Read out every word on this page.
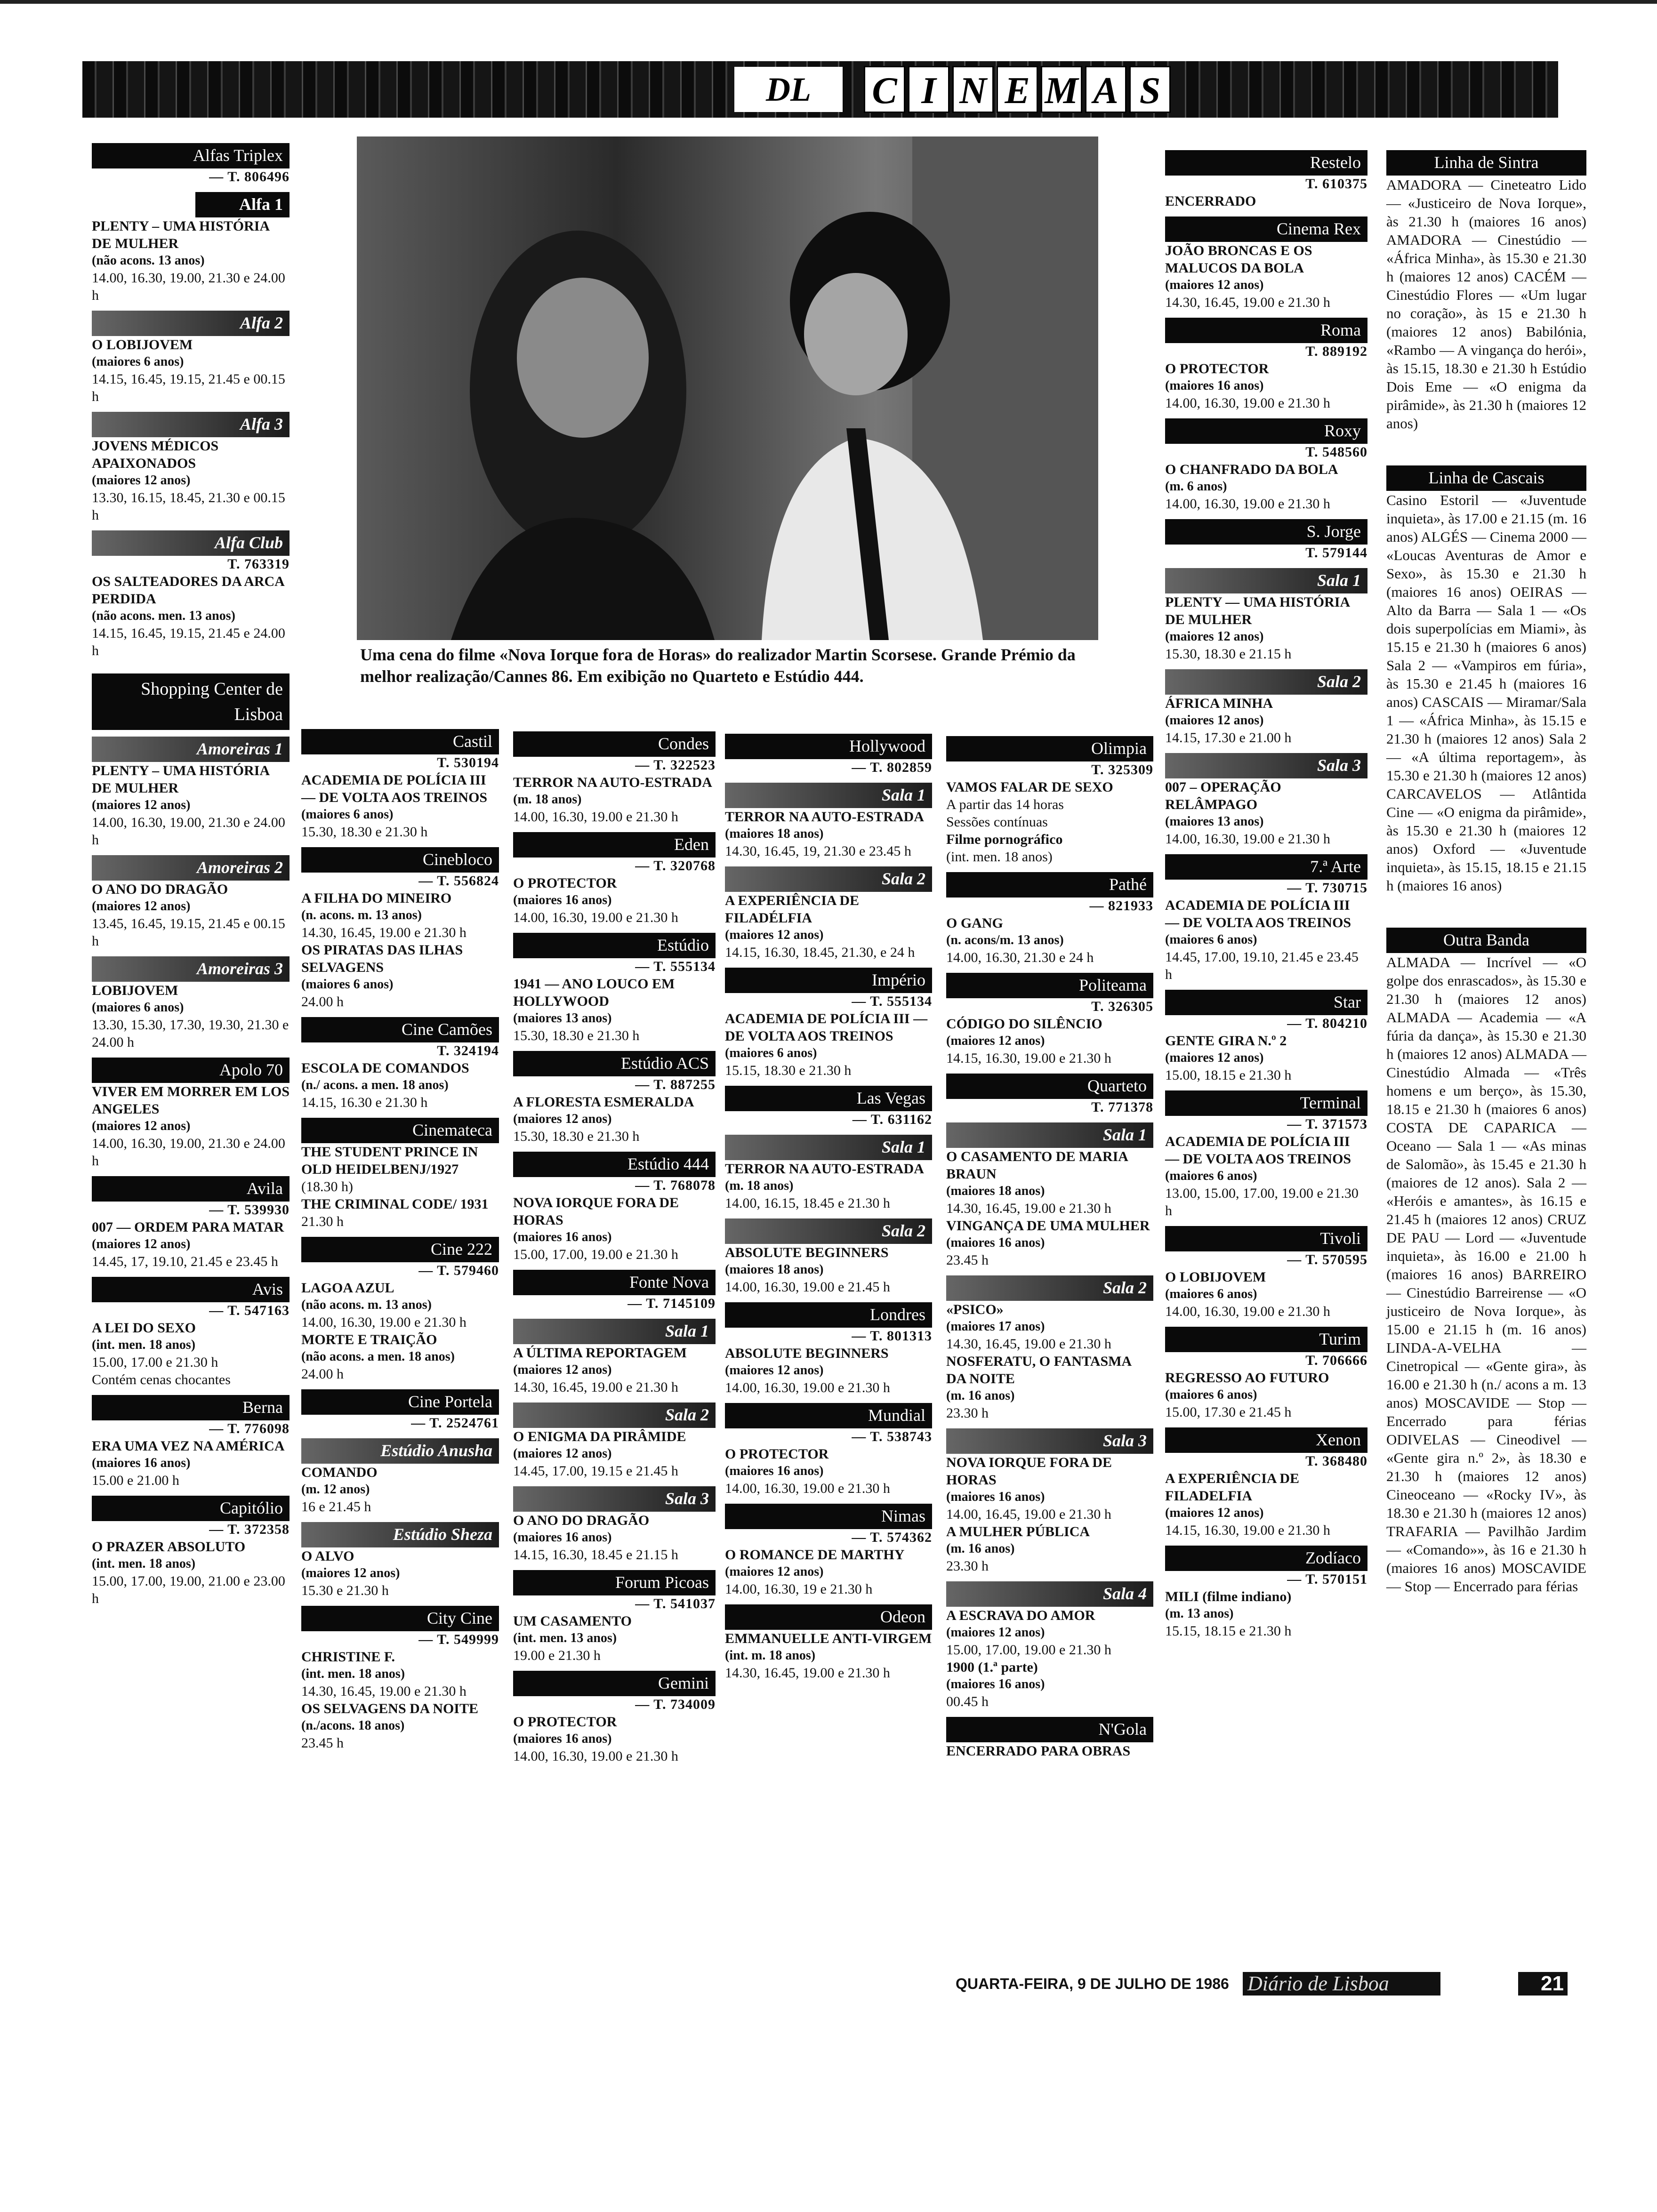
DL	C I N E M A S
Alfas Triplex
— T. 806496
Alfa 1
PLENTY – UMA HISTÓRIA DE MULHER
(não acons. 13 anos)
14.00, 16.30, 19.00, 21.30 e 24.00 h
Alfa 2
O LOBIJOVEM
(maiores 6 anos)
14.15, 16.45, 19.15, 21.45 e 00.15 h
Alfa 3
JOVENS MÉDICOS APAIXONADOS
(maiores 12 anos)
13.30, 16.15, 18.45, 21.30 e 00.15 h
Alfa Club
T. 763319
OS SALTEADORES DA ARCA PERDIDA
(não acons. men. 13 anos)
14.15, 16.45, 19.15, 21.45 e 24.00 h
Shopping Center de Lisboa
Amoreiras 1
PLENTY – UMA HISTÓRIA DE MULHER
(maiores 12 anos)
14.00, 16.30, 19.00, 21.30 e 24.00 h
Amoreiras 2
O ANO DO DRAGÃO
(maiores 12 anos)
13.45, 16.45, 19.15, 21.45 e 00.15 h
Amoreiras 3
LOBIJOVEM
(maiores 6 anos)
13.30, 15.30, 17.30, 19.30, 21.30 e 24.00 h
Apolo 70
VIVER EM MORRER EM LOS ANGELES
(maiores 12 anos)
14.00, 16.30, 19.00, 21.30 e 24.00 h
Avila
— T. 539930
007 — ORDEM PARA MATAR
(maiores 12 anos)
14.45, 17, 19.10, 21.45 e 23.45 h
Avis
— T. 547163
A LEI DO SEXO
(int. men. 18 anos)
15.00, 17.00 e 21.30 h
Contém cenas chocantes
Berna
— T. 776098
ERA UMA VEZ NA AMÉRICA
(maiores 16 anos)
15.00 e 21.00 h
Capitólio
— T. 372358
O PRAZER ABSOLUTO
(int. men. 18 anos)
15.00, 17.00, 19.00, 21.00 e 23.00 h
Uma cena do filme «Nova Iorque fora de Horas» do realizador Martin Scorsese. Grande Prémio da melhor realização/Cannes 86. Em exibição no Quarteto e Estúdio 444.
Castil
T. 530194
ACADEMIA DE POLÍCIA III — DE VOLTA AOS TREINOS
(maiores 6 anos)
15.30, 18.30 e 21.30 h
Cinebloco
— T. 556824
A FILHA DO MINEIRO
(n. acons. m. 13 anos)
14.30, 16.45, 19.00 e 21.30 h
OS PIRATAS DAS ILHAS SELVAGENS
(maiores 6 anos)
24.00 h
Cine Camões
T. 324194
ESCOLA DE COMANDOS
(n./ acons. a men. 18 anos)
14.15, 16.30 e 21.30 h
Cinemateca
THE STUDENT PRINCE IN OLD HEIDELBENJ/1927
(18.30 h)
THE CRIMINAL CODE/ 1931
21.30 h
Cine 222
— T. 579460
LAGOA AZUL
(não acons. m. 13 anos)
14.00, 16.30, 19.00 e 21.30 h
MORTE E TRAIÇÃO
(não acons. a men. 18 anos)
24.00 h
Cine Portela
— T. 2524761
Estúdio Anusha
COMANDO
(m. 12 anos)
16 e 21.45 h
Estúdio Sheza
O ALVO
(maiores 12 anos)
15.30 e 21.30 h
City Cine
— T. 549999
CHRISTINE F.
(int. men. 18 anos)
14.30, 16.45, 19.00 e 21.30 h
OS SELVAGENS DA NOITE
(n./acons. 18 anos)
23.45 h
Condes
— T. 322523
TERROR NA AUTO-ESTRADA
(m. 18 anos)
14.00, 16.30, 19.00 e 21.30 h
Eden
— T. 320768
O PROTECTOR
(maiores 16 anos)
14.00, 16.30, 19.00 e 21.30 h
Estúdio
— T. 555134
1941 — ANO LOUCO EM HOLLYWOOD
(maiores 13 anos)
15.30, 18.30 e 21.30 h
Estúdio ACS
— T. 887255
A FLORESTA ESMERALDA
(maiores 12 anos)
15.30, 18.30 e 21.30 h
Estúdio 444
— T. 768078
NOVA IORQUE FORA DE HORAS
(maiores 16 anos)
15.00, 17.00, 19.00 e 21.30 h
Fonte Nova
— T. 7145109
Sala 1
A ÚLTIMA REPORTAGEM
(maiores 12 anos)
14.30, 16.45, 19.00 e 21.30 h
Sala 2
O ENIGMA DA PIRÂMIDE
(maiores 12 anos)
14.45, 17.00, 19.15 e 21.45 h
Sala 3
O ANO DO DRAGÃO
(maiores 16 anos)
14.15, 16.30, 18.45 e 21.15 h
Forum Picoas
— T. 541037
UM CASAMENTO
(int. men. 13 anos)
19.00 e 21.30 h
Gemini
— T. 734009
O PROTECTOR
(maiores 16 anos)
14.00, 16.30, 19.00 e 21.30 h
Hollywood
— T. 802859
Sala 1
TERROR NA AUTO-ESTRADA
(maiores 18 anos)
14.30, 16.45, 19, 21.30 e 23.45 h
Sala 2
A EXPERIÊNCIA DE FILADÉLFIA
(maiores 12 anos)
14.15, 16.30, 18.45, 21.30, e 24 h
Império
— T. 555134
ACADEMIA DE POLÍCIA III — DE VOLTA AOS TREINOS
(maiores 6 anos)
15.15, 18.30 e 21.30 h
Las Vegas
— T. 631162
Sala 1
TERROR NA AUTO-ESTRADA
(m. 18 anos)
14.00, 16.15, 18.45 e 21.30 h
Sala 2
ABSOLUTE BEGINNERS
(maiores 18 anos)
14.00, 16.30, 19.00 e 21.45 h
Londres
— T. 801313
ABSOLUTE BEGINNERS
(maiores 12 anos)
14.00, 16.30, 19.00 e 21.30 h
Mundial
— T. 538743
O PROTECTOR
(maiores 16 anos)
14.00, 16.30, 19.00 e 21.30 h
Nimas
— T. 574362
O ROMANCE DE MARTHY
(maiores 12 anos)
14.00, 16.30, 19 e 21.30 h
Odeon
EMMANUELLE ANTI-VIRGEM
(int. m. 18 anos)
14.30, 16.45, 19.00 e 21.30 h
Olimpia
T. 325309
VAMOS FALAR DE SEXO
A partir das 14 horas
Sessões contínuas
Filme pornográfico
(int. men. 18 anos)
Pathé
— 821933
O GANG
(n. acons/m. 13 anos)
14.00, 16.30, 21.30 e 24 h
Politeama
T. 326305
CÓDIGO DO SILÊNCIO
(maiores 12 anos)
14.15, 16.30, 19.00 e 21.30 h
Quarteto
T. 771378
Sala 1
O CASAMENTO DE MARIA BRAUN
(maiores 18 anos)
14.30, 16.45, 19.00 e 21.30 h
VINGANÇA DE UMA MULHER
(maiores 16 anos)
23.45 h
Sala 2
«PSICO»
(maiores 17 anos)
14.30, 16.45, 19.00 e 21.30 h
NOSFERATU, O FANTASMA DA NOITE
(m. 16 anos)
23.30 h
Sala 3
NOVA IORQUE FORA DE HORAS
(maiores 16 anos)
14.00, 16.45, 19.00 e 21.30 h
A MULHER PÚBLICA
(m. 16 anos)
23.30 h
Sala 4
A ESCRAVA DO AMOR
(maiores 12 anos)
15.00, 17.00, 19.00 e 21.30 h
1900 (1.ª parte)
(maiores 16 anos)
00.45 h
N'Gola
ENCERRADO PARA OBRAS
Restelo
T. 610375
ENCERRADO
Cinema Rex
JOÃO BRONCAS E OS MALUCOS DA BOLA
(maiores 12 anos)
14.30, 16.45, 19.00 e 21.30 h
Roma
T. 889192
O PROTECTOR
(maiores 16 anos)
14.00, 16.30, 19.00 e 21.30 h
Roxy
T. 548560
O CHANFRADO DA BOLA
(m. 6 anos)
14.00, 16.30, 19.00 e 21.30 h
S. Jorge
T. 579144
Sala 1
PLENTY — UMA HISTÓRIA DE MULHER
(maiores 12 anos)
15.30, 18.30 e 21.15 h
Sala 2
ÁFRICA MINHA
(maiores 12 anos)
14.15, 17.30 e 21.00 h
Sala 3
007 – OPERAÇÃO RELÂMPAGO
(maiores 13 anos)
14.00, 16.30, 19.00 e 21.30 h
7.ª Arte
— T. 730715
ACADEMIA DE POLÍCIA III — DE VOLTA AOS TREINOS
(maiores 6 anos)
14.45, 17.00, 19.10, 21.45 e 23.45 h
Star
— T. 804210
GENTE GIRA N.º 2
(maiores 12 anos)
15.00, 18.15 e 21.30 h
Terminal
— T. 371573
ACADEMIA DE POLÍCIA III — DE VOLTA AOS TREINOS
(maiores 6 anos)
13.00, 15.00, 17.00, 19.00 e 21.30 h
Tivoli
— T. 570595
O LOBIJOVEM
(maiores 6 anos)
14.00, 16.30, 19.00 e 21.30 h
Turim
T. 706666
REGRESSO AO FUTURO
(maiores 6 anos)
15.00, 17.30 e 21.45 h
Xenon
T. 368480
A EXPERIÊNCIA DE FILADELFIA
(maiores 12 anos)
14.15, 16.30, 19.00 e 21.30 h
Zodíaco
— T. 570151
MILI (filme indiano)
(m. 13 anos)
15.15, 18.15 e 21.30 h
Linha de Sintra
AMADORA — Cineteatro Lido — «Justiceiro de Nova Iorque», às 21.30 h (maiores 16 anos) AMADORA — Cinestúdio — «África Minha», às 15.30 e 21.30 h (maiores 12 anos) CACÉM — Cinestúdio Flores — «Um lugar no coração», às 15 e 21.30 h (maiores 12 anos) Babilónia, «Rambo — A vingança do herói», às 15.15, 18.30 e 21.30 h Estúdio Dois Eme — «O enigma da pirâmide», às 21.30 h (maiores 12 anos)
Linha de Cascais
Casino Estoril — «Juventude inquieta», às 17.00 e 21.15 (m. 16 anos) ALGÉS — Cinema 2000 — «Loucas Aventuras de Amor e Sexo», às 15.30 e 21.30 h (maiores 16 anos) OEIRAS — Alto da Barra — Sala 1 — «Os dois superpolícias em Miami», às 15.15 e 21.30 h (maiores 6 anos) Sala 2 — «Vampiros em fúria», às 15.30 e 21.45 h (maiores 16 anos) CASCAIS — Miramar/Sala 1 — «África Minha», às 15.15 e 21.30 h (maiores 12 anos) Sala 2 — «A última reportagem», às 15.30 e 21.30 h (maiores 12 anos) CARCAVELOS — Atlântida Cine — «O enigma da pirâmide», às 15.30 e 21.30 h (maiores 12 anos) Oxford — «Juventude inquieta», às 15.15, 18.15 e 21.15 h (maiores 16 anos)
Outra Banda
ALMADA — Incrível — «O golpe dos enrascados», às 15.30 e 21.30 h (maiores 12 anos) ALMADA — Academia — «A fúria da dança», às 15.30 e 21.30 h (maiores 12 anos) ALMADA — Cinestúdio Almada — «Três homens e um berço», às 15.30, 18.15 e 21.30 h (maiores 6 anos) COSTA DE CAPARICA — Oceano — Sala 1 — «As minas de Salomão», às 15.45 e 21.30 h (maiores de 12 anos). Sala 2 — «Heróis e amantes», às 16.15 e 21.45 h (maiores 12 anos) CRUZ DE PAU — Lord — «Juventude inquieta», às 16.00 e 21.00 h (maiores 16 anos) BARREIRO — Cinestúdio Barreirense — «O justiceiro de Nova Iorque», às 15.00 e 21.15 h (m. 16 anos) LINDA-A-VELHA — Cinetropical — «Gente gira», às 16.00 e 21.30 h (n./ acons a m. 13 anos) MOSCAVIDE — Stop — Encerrado para férias ODIVELAS — Cineodivel — «Gente gira n.º 2», às 18.30 e 21.30 h (maiores 12 anos) Cineoceano — «Rocky IV», às 18.30 e 21.30 h (maiores 12 anos) TRAFARIA — Pavilhão Jardim — «Comando»», às 16 e 21.30 h (maiores 16 anos) MOSCAVIDE — Stop — Encerrado para férias
QUARTA-FEIRA, 9 DE JULHO DE 1986 Diário de Lisboa	21
